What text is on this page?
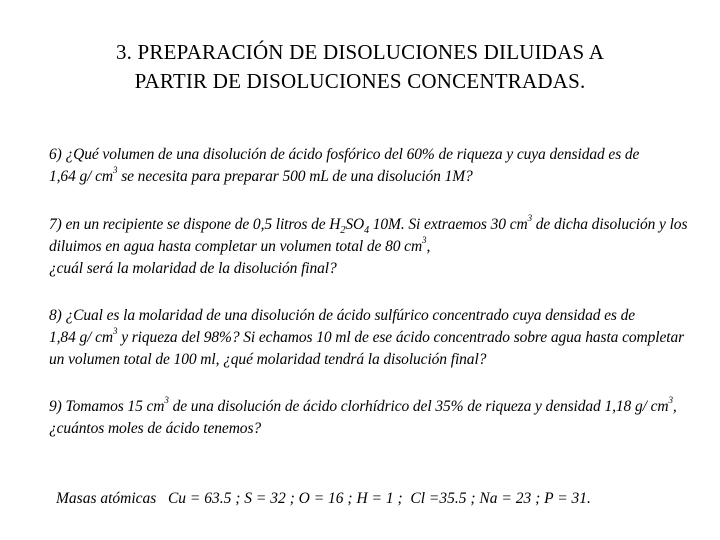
3. PREPARACIÓN DE DISOLUCIONES DILUIDAS A
PARTIR DE DISOLUCIONES CONCENTRADAS.
6) ¿Qué volumen de una disolución de ácido fosfórico del 60% de riqueza y cuya densidad es de
1,64 g/ $cm^3$ se necesita para preparar 500 mL de una disolución 1M?
7) en un recipiente se dispone de 0,5 litros de $H_2SO_4$ 10M. Si extraemos 30 $cm^3$ de dicha disolución y los
diluimos en agua hasta completar un volumen total de 80 $cm^3$,
¿cuál será la molaridad de la disolución final?
8) ¿Cual es la molaridad de una disolución de ácido sulfúrico concentrado cuya densidad es de
1,84 g/ $cm^3$ y riqueza del 98%? Si echamos 10 ml de ese ácido concentrado sobre agua hasta completar
un volumen total de 100 ml, ¿qué molaridad tendrá la disolución final?
9) Tomamos 15 $cm^3$ de una disolución de ácido clorhídrico del 35% de riqueza y densidad 1,18 g/ $cm^3$,
¿cuántos moles de ácido tenemos?
Masas atómicas   Cu = 63.5 ; S = 32 ; O = 16 ; H = 1 ;  Cl =35.5 ; Na = 23 ; P = 31.
